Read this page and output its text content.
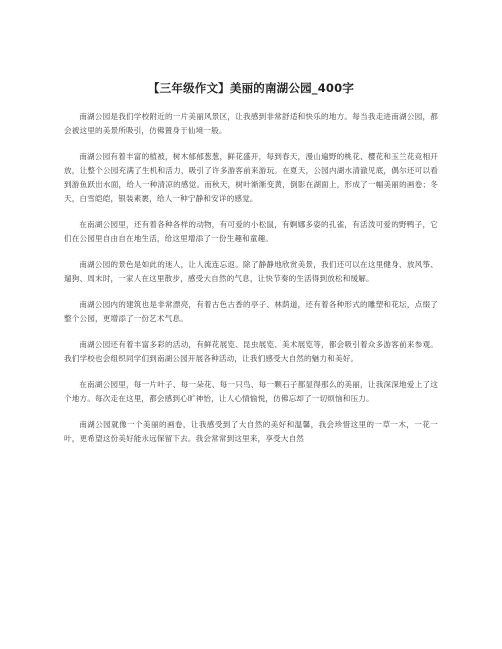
【三年级作文】美丽的南湖公园_400字

南湖公园是我们学校附近的一片美丽风景区，让我感到非常舒适和快乐的地方。每当我走进南湖公园，都会被这里的美景所吸引，仿佛置身于仙境一般。

南湖公园有着丰富的植被，树木郁郁葱葱，鲜花盛开，每到春天，漫山遍野的桃花、樱花和玉兰花竞相开放，让整个公园充满了生机和活力，吸引了许多游客前来游玩。在夏天，公园内湖水清澈见底，偶尔还可以看到游鱼跃出水面，给人一种清凉的感觉。而秋天，树叶渐渐变黄，倒影在湖面上，形成了一幅美丽的画卷；冬天，白雪皑皑，银装素裹，给人一种宁静和安详的感觉。

在南湖公园里，还有着各种各样的动物，有可爱的小松鼠，有婀娜多姿的孔雀，有活泼可爱的野鸭子，它们在公园里自由自在地生活，给这里增添了一份生趣和童趣。

南湖公园的景色是如此的迷人，让人流连忘返。除了静静地欣赏美景，我们还可以在这里健身、放风筝、遛狗、周末时，一家人在这里散步，感受大自然的气息，让快节奏的生活得到放松和缓解。

南湖公园内的建筑也是非常漂亮，有着古色古香的亭子、林荫道，还有着各种形式的雕塑和花坛，点缀了整个公园，更增添了一份艺术气息。

南湖公园还有着丰富多彩的活动，有鲜花展览、昆虫展览、美术展览等，都会吸引着众多游客前来参观。我们学校也会组织同学们到南湖公园开展各种活动，让我们感受大自然的魅力和美好。

在南湖公园里，每一片叶子、每一朵花、每一只鸟、每一颗石子都显得那么的美丽，让我深深地爱上了这个地方。每次走在这里，都会感到心旷神怡，让人心情愉悦，仿佛忘却了一切烦恼和压力。

南湖公园就像一个美丽的画卷，让我感受到了大自然的美好和温馨，我会珍惜这里的一草一木，一花一叶，更希望这份美好能永远保留下去。我会常常到这里来，享受大自然
